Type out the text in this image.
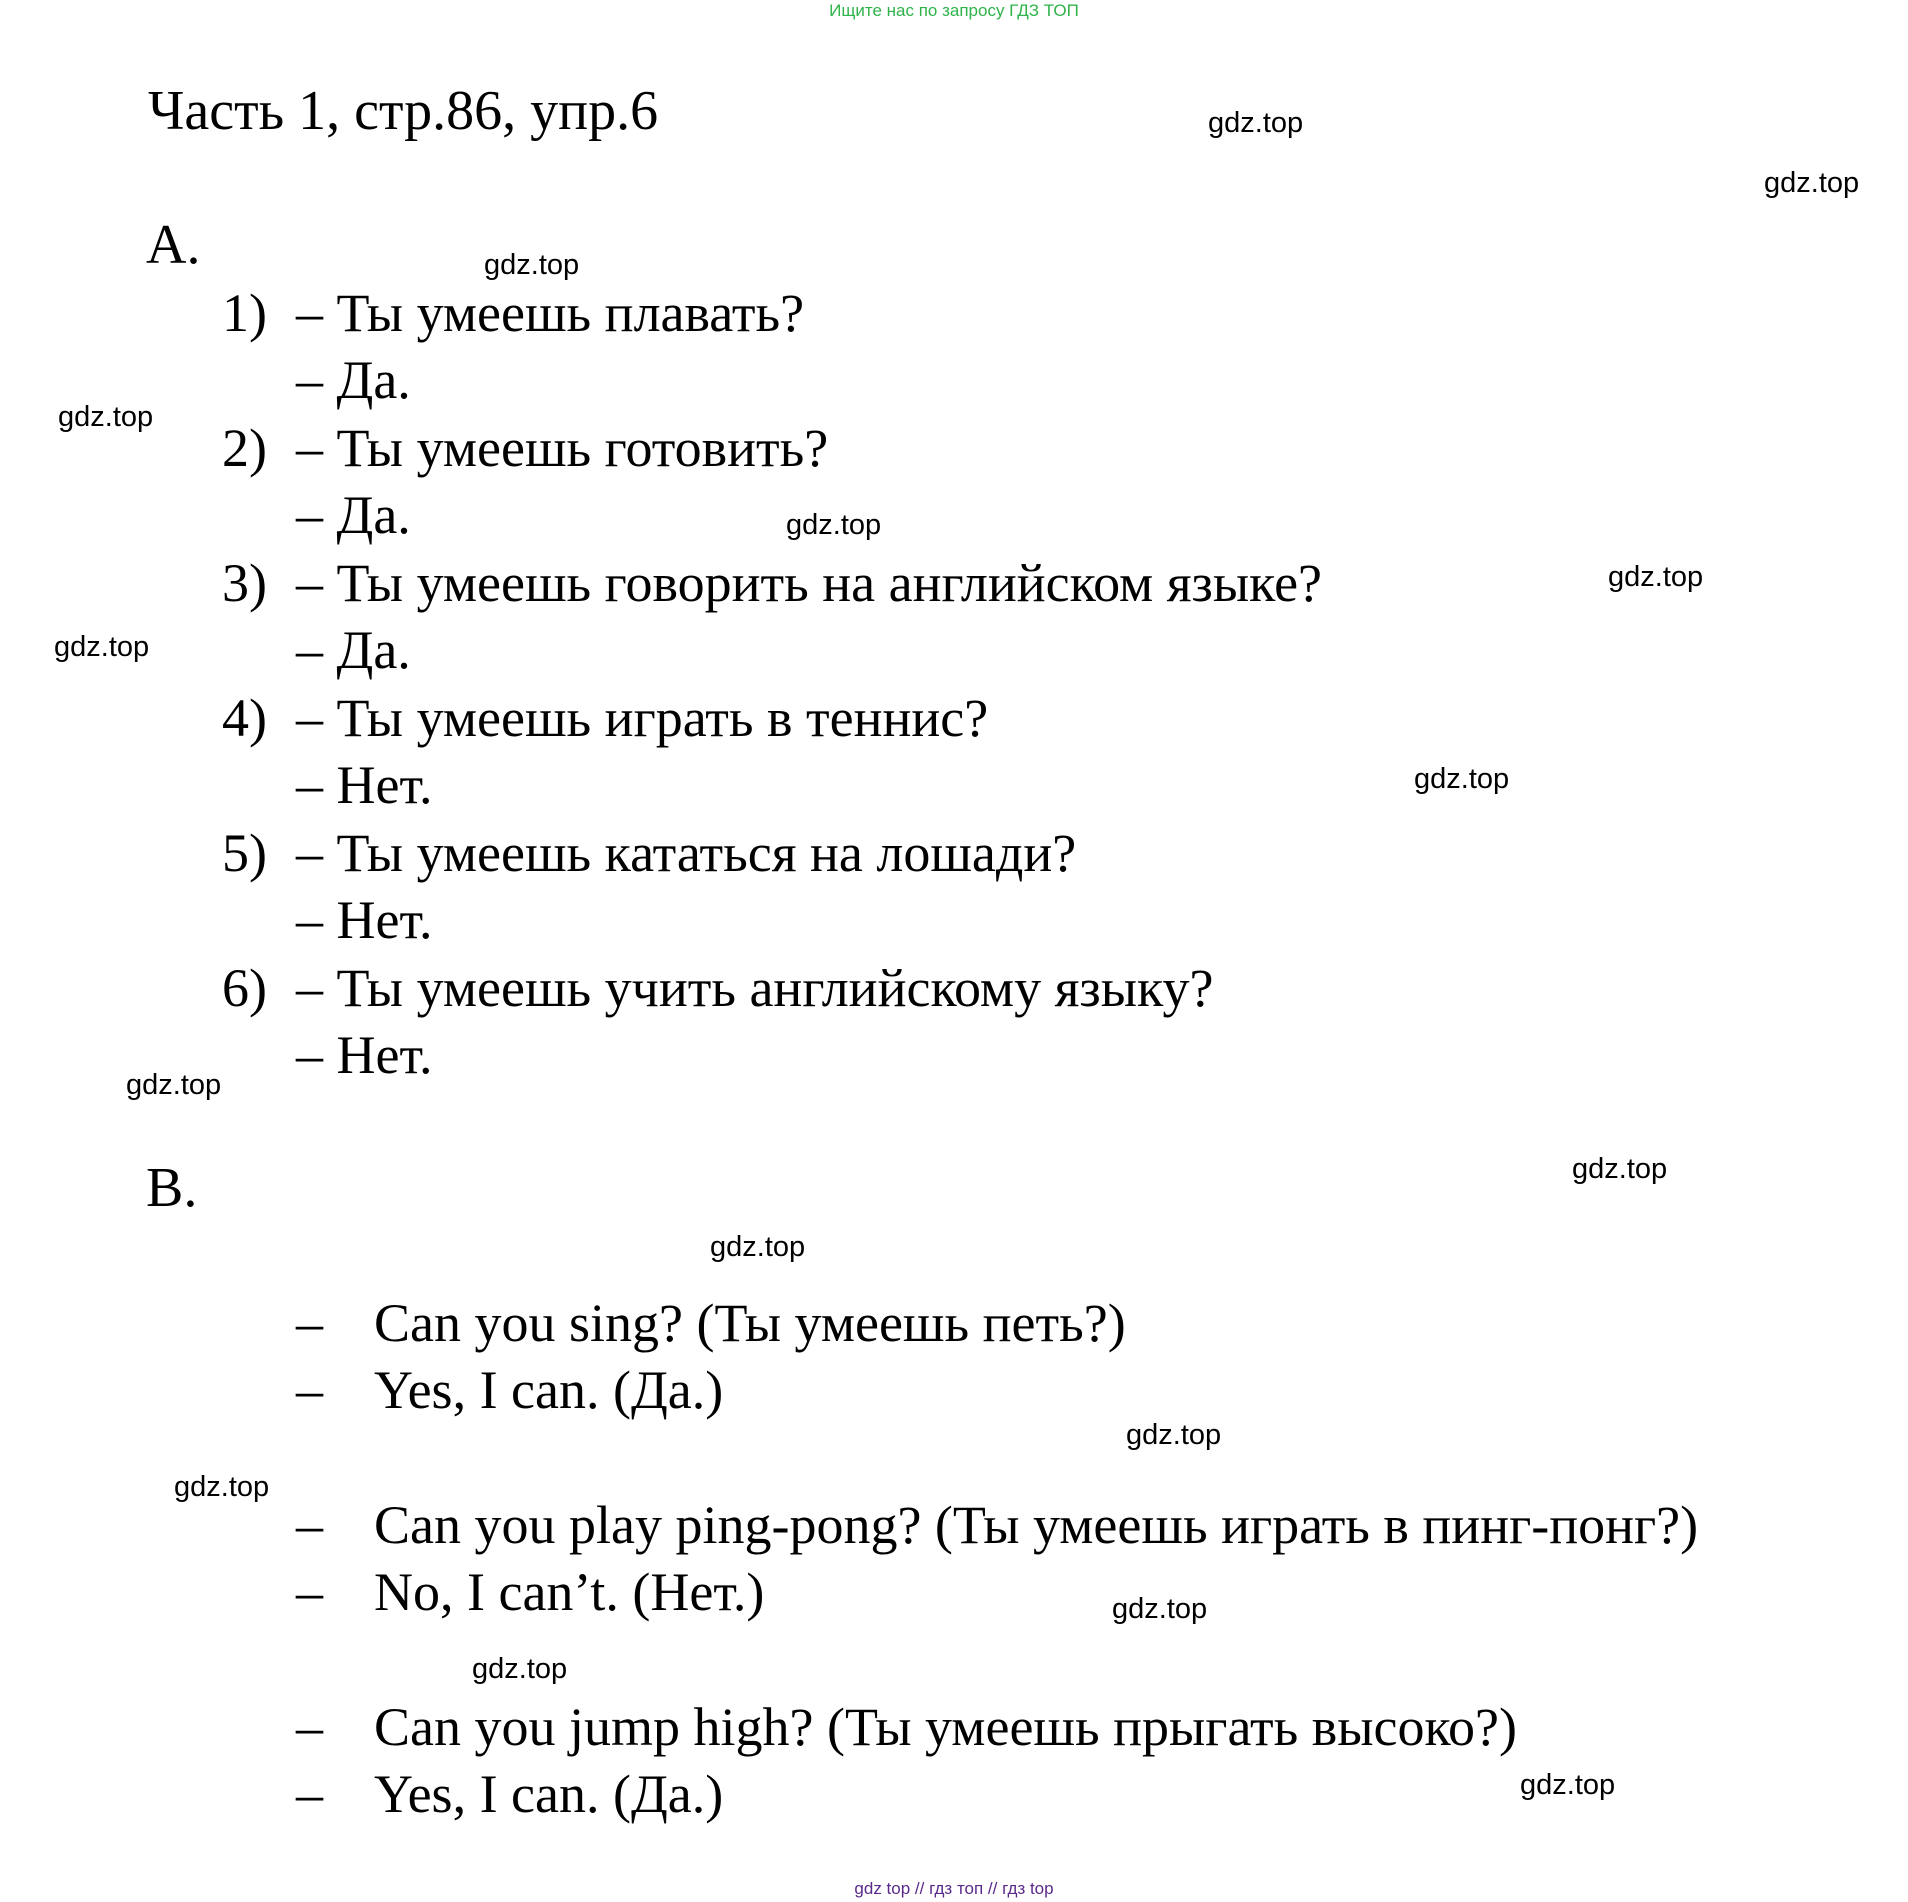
Ищите нас по запросу ГДЗ ТОП
Часть 1, стр.86, упр.6
A.
1) – Ты умеешь плавать?
– Да.
2) – Ты умеешь готовить?
– Да.
3) – Ты умеешь говорить на английском языке?
– Да.
4) – Ты умеешь играть в теннис?
– Нет.
5) – Ты умеешь кататься на лошади?
– Нет.
6) – Ты умеешь учить английскому языку?
– Нет.
B.
– Can you sing? (Ты умеешь петь?)
– Yes, I can. (Да.)
– Can you play ping-pong? (Ты умеешь играть в пинг-понг?)
– No, I can’t. (Нет.)
– Can you jump high? (Ты умеешь прыгать высоко?)
– Yes, I can. (Да.)
gdz.top
gdz.top
gdz.top
gdz.top
gdz.top
gdz.top
gdz.top
gdz.top
gdz.top
gdz.top
gdz.top
gdz.top
gdz.top
gdz.top
gdz.top
gdz.top
gdz top // гдз топ // гдз top
